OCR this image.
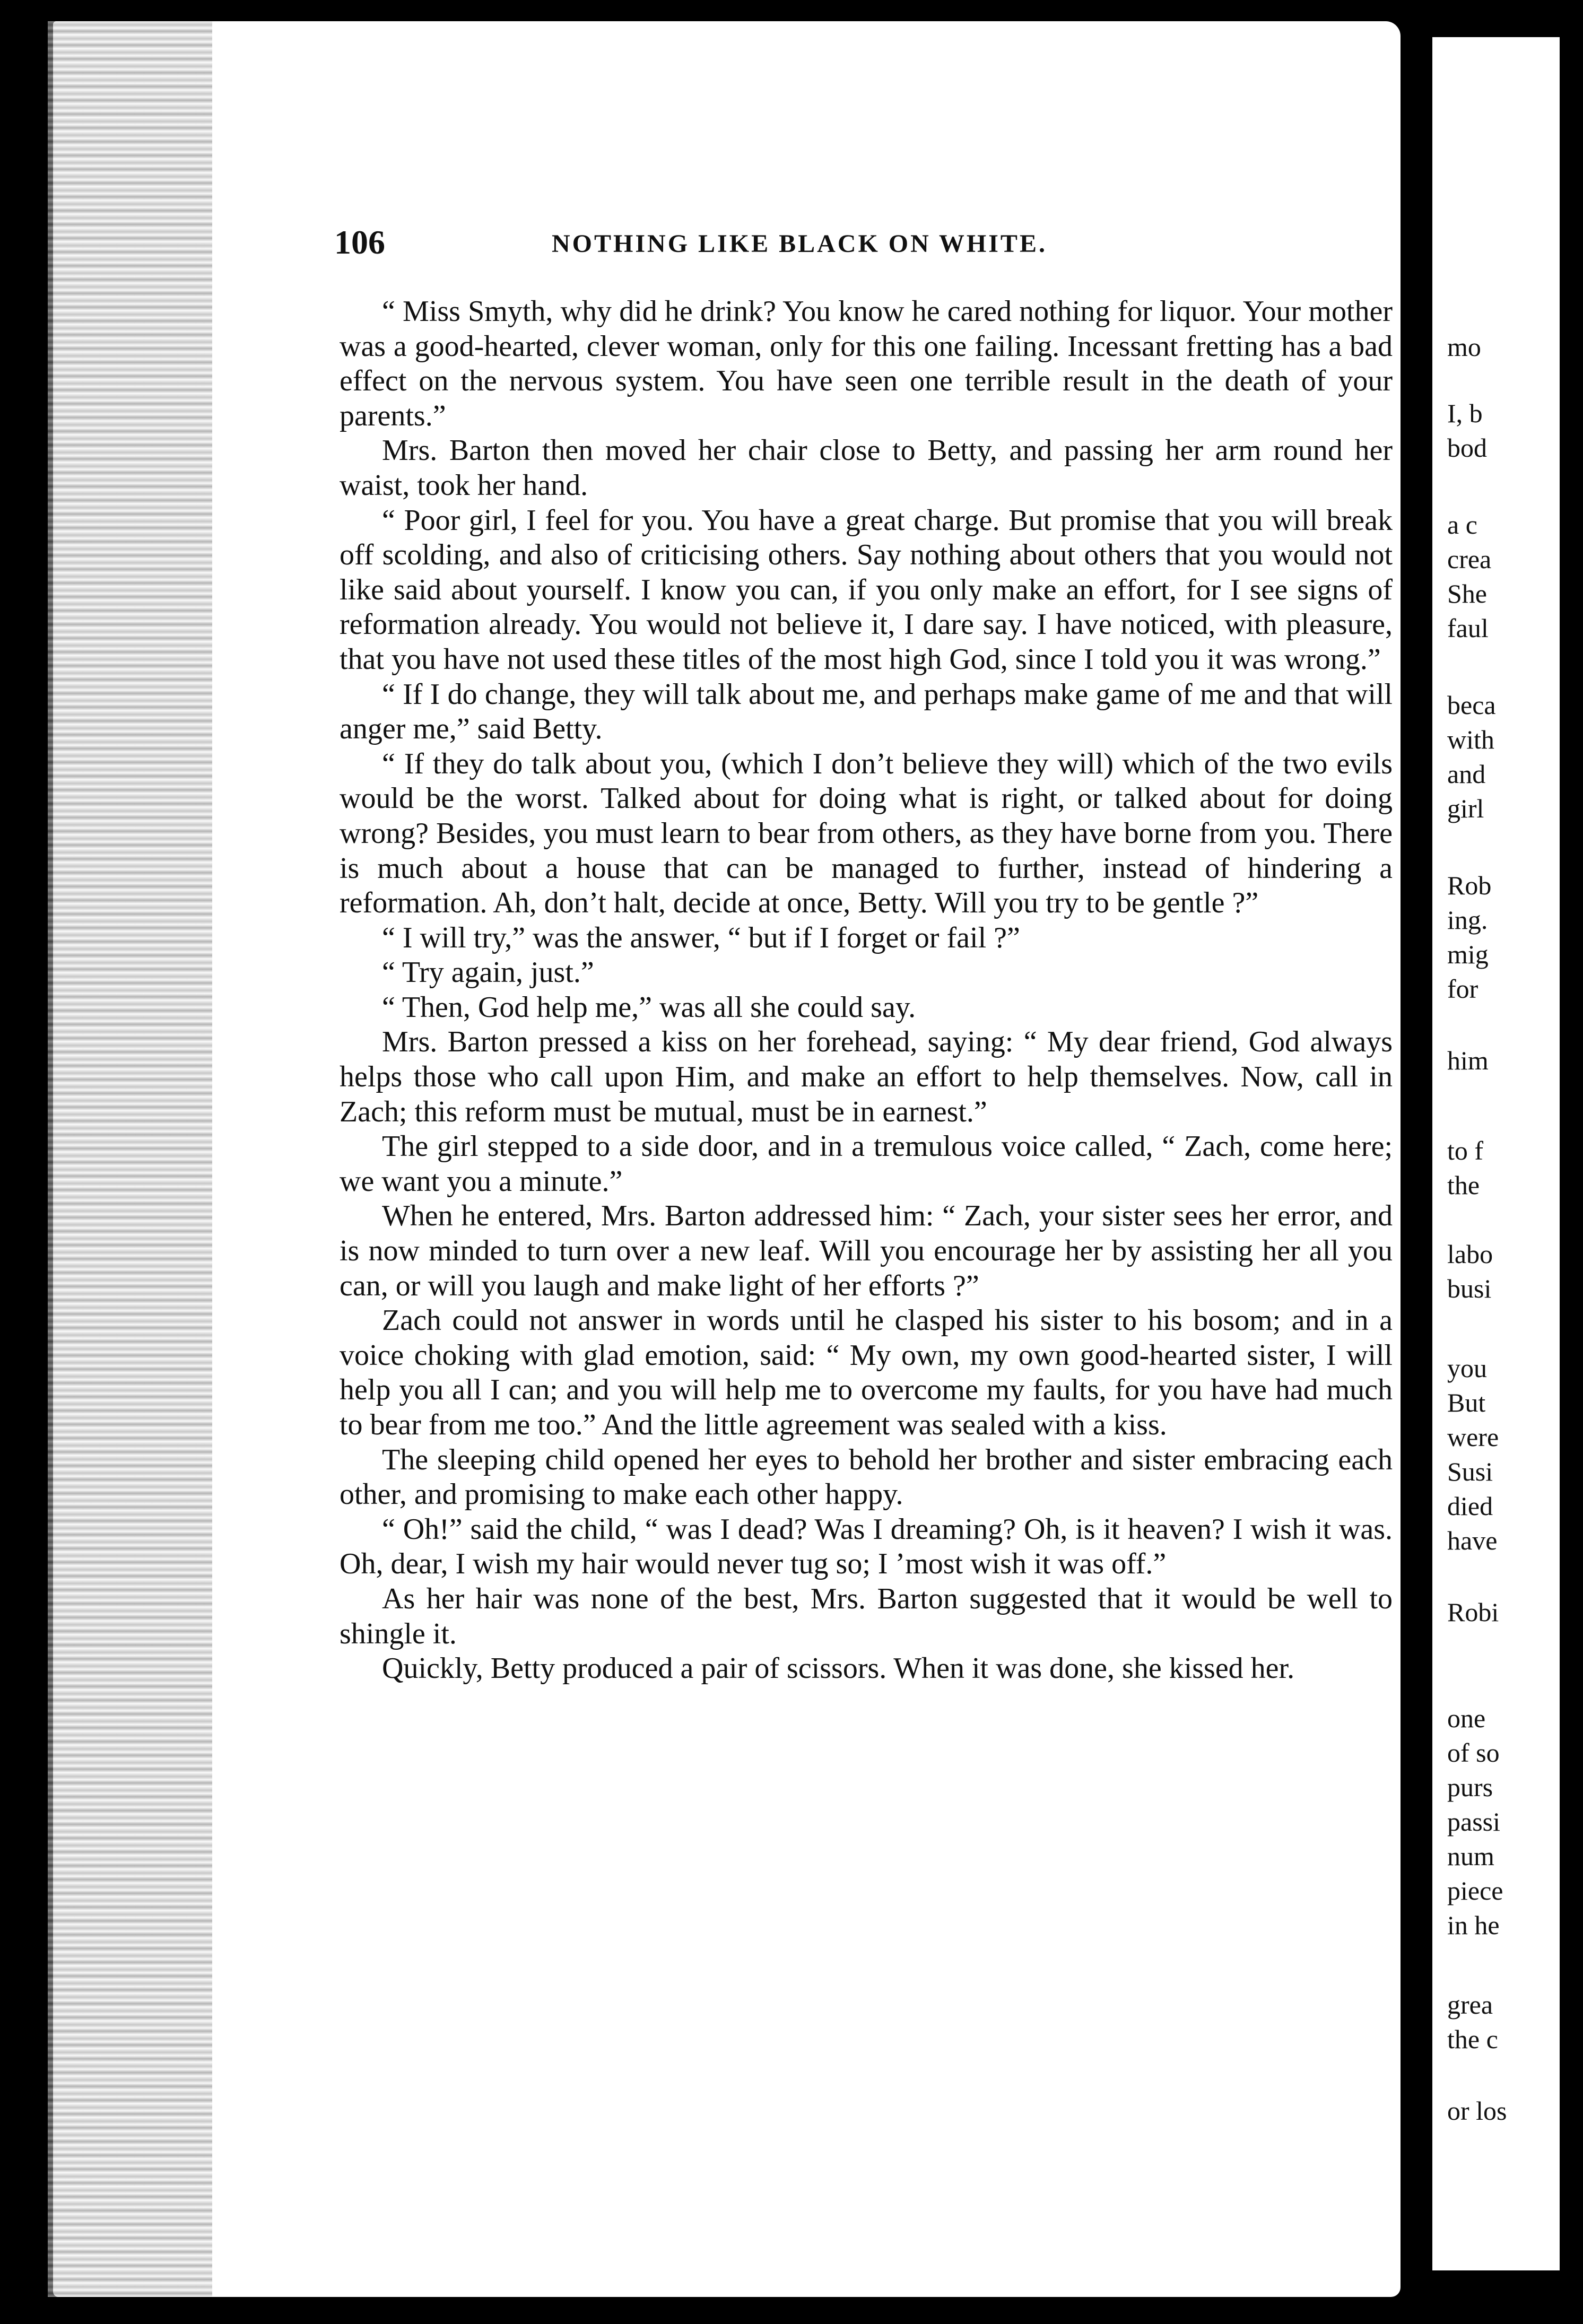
106	NOTHING LIKE BLACK ON WHITE.

“ Miss Smyth, why did he drink? You know he cared nothing for liquor. Your mother was a good-hearted, clever woman, only for this one failing. Incessant fretting has a bad effect on the nervous system. You have seen one terrible result in the death of your parents.”

Mrs. Barton then moved her chair close to Betty, and passing her arm round her waist, took her hand.

“ Poor girl, I feel for you. You have a great charge. But promise that you will break off scolding, and also of criticising others. Say nothing about others that you would not like said about yourself. I know you can, if you only make an effort, for I see signs of reformation already. You would not believe it, I dare say. I have noticed, with pleasure, that you have not used these titles of the most high God, since I told you it was wrong.”

“ If I do change, they will talk about me, and perhaps make game of me and that will anger me,” said Betty.

“ If they do talk about you, (which I don’t believe they will) which of the two evils would be the worst. Talked about for doing what is right, or talked about for doing wrong? Besides, you must learn to bear from others, as they have borne from you. There is much about a house that can be managed to further, instead of hindering a reformation. Ah, don’t halt, decide at once, Betty. Will you try to be gentle ?”

“ I will try,” was the answer, “ but if I forget or fail ?”

“ Try again, just.”

“ Then, God help me,” was all she could say.

Mrs. Barton pressed a kiss on her forehead, saying: “ My dear friend, God always helps those who call upon Him, and make an effort to help themselves. Now, call in Zach; this reform must be mutual, must be in earnest.”

The girl stepped to a side door, and in a tremulous voice called, “ Zach, come here; we want you a minute.”

When he entered, Mrs. Barton addressed him: “ Zach, your sister sees her error, and is now minded to turn over a new leaf. Will you encourage her by assisting her all you can, or will you laugh and make light of her efforts ?”

Zach could not answer in words until he clasped his sister to his bosom; and in a voice choking with glad emotion, said: “ My own, my own good-hearted sister, I will help you all I can; and you will help me to overcome my faults, for you have had much to bear from me too.” And the little agreement was sealed with a kiss.

The sleeping child opened her eyes to behold her brother and sister embracing each other, and promising to make each other happy.

“ Oh!” said the child, “ was I dead? Was I dreaming? Oh, is it heaven? I wish it was. Oh, dear, I wish my hair would never tug so; I ’most wish it was off.”

As her hair was none of the best, Mrs. Barton suggested that it would be well to shingle it.

Quickly, Betty produced a pair of scissors. When it was done, she kissed her.

mo
I, b
bod
a c
crea
She
faul
beca
with
and
girl
Rob
ing.
mig
for
him
to f
the
labo
busi
you
But
were
Susi
died
have
Robi
one
of so
purs
passi
num
piece
in he
grea
the c
or los
